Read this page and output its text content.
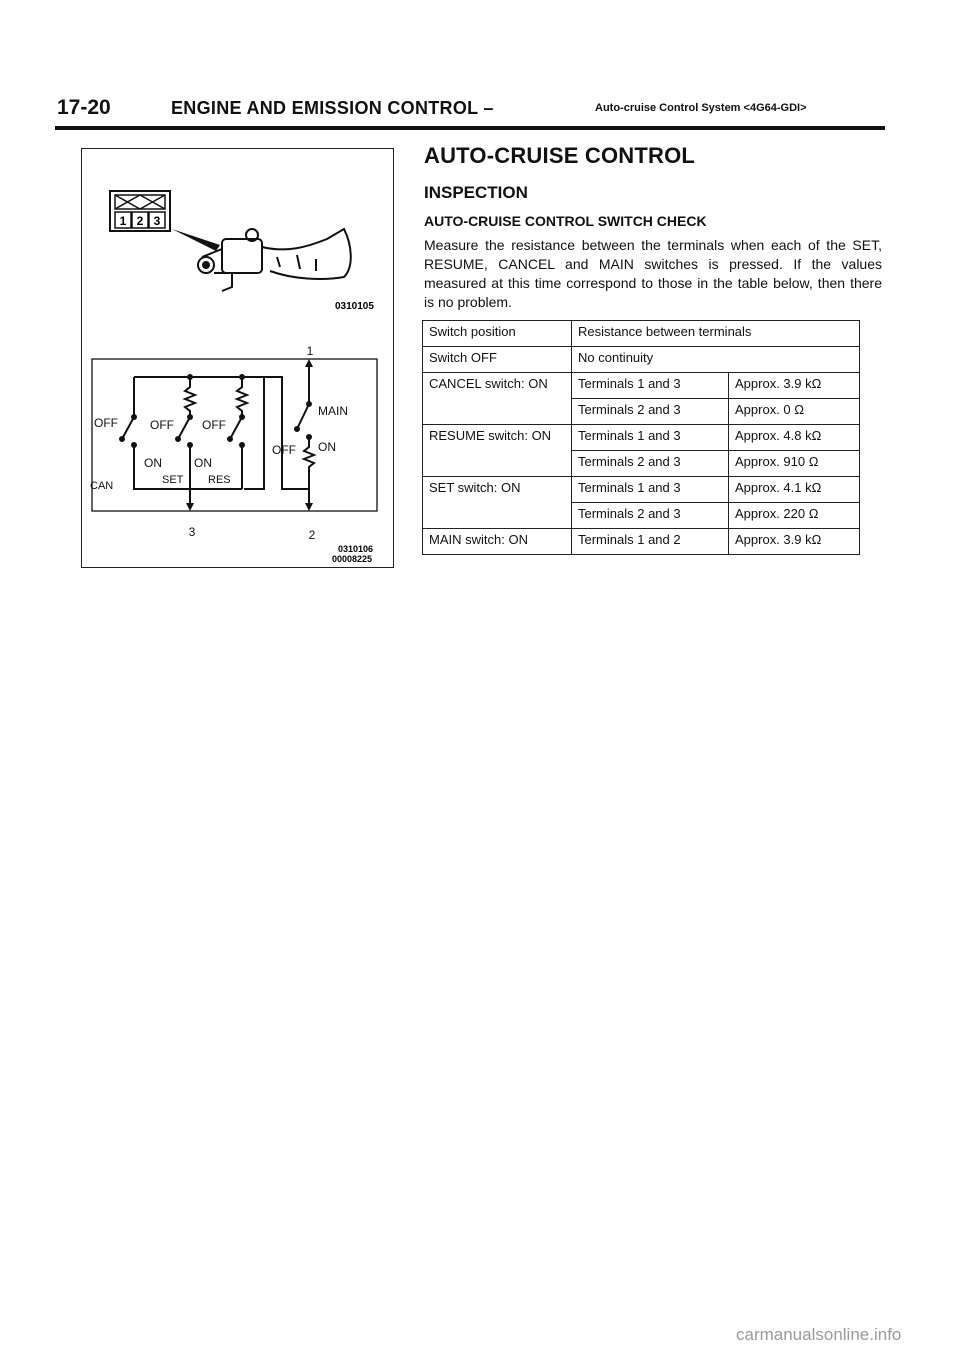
17-20	ENGINE AND EMISSION CONTROL –	Auto-cruise Control System <4G64-GDI>
1 2 3
0310105
1
2
3
OFF	OFF OFF
ON	ON
CAN	SET RES
MAIN
OFF ON
0310106
00008225
AUTO-CRUISE CONTROL
INSPECTION
AUTO-CRUISE CONTROL SWITCH CHECK
Measure the resistance between the terminals when each of the SET, RESUME, CANCEL and MAIN switches is pressed. If the values measured at this time correspond to those in the table below, then there is no problem.
Switch position	Resistance between terminals	
Switch OFF	No continuity	
CANCEL switch: ON	Terminals 1 and 3	Approx. 3.9 kΩ
	Terminals 2 and 3	Approx. 0 Ω
RESUME switch: ON	Terminals 1 and 3	Approx. 4.8 kΩ
	Terminals 2 and 3	Approx. 910 Ω
SET switch: ON	Terminals 1 and 3	Approx. 4.1 kΩ
	Terminals 2 and 3	Approx. 220 Ω
MAIN switch: ON	Terminals 1 and 2	Approx. 3.9 kΩ
carmanualsonline.info
